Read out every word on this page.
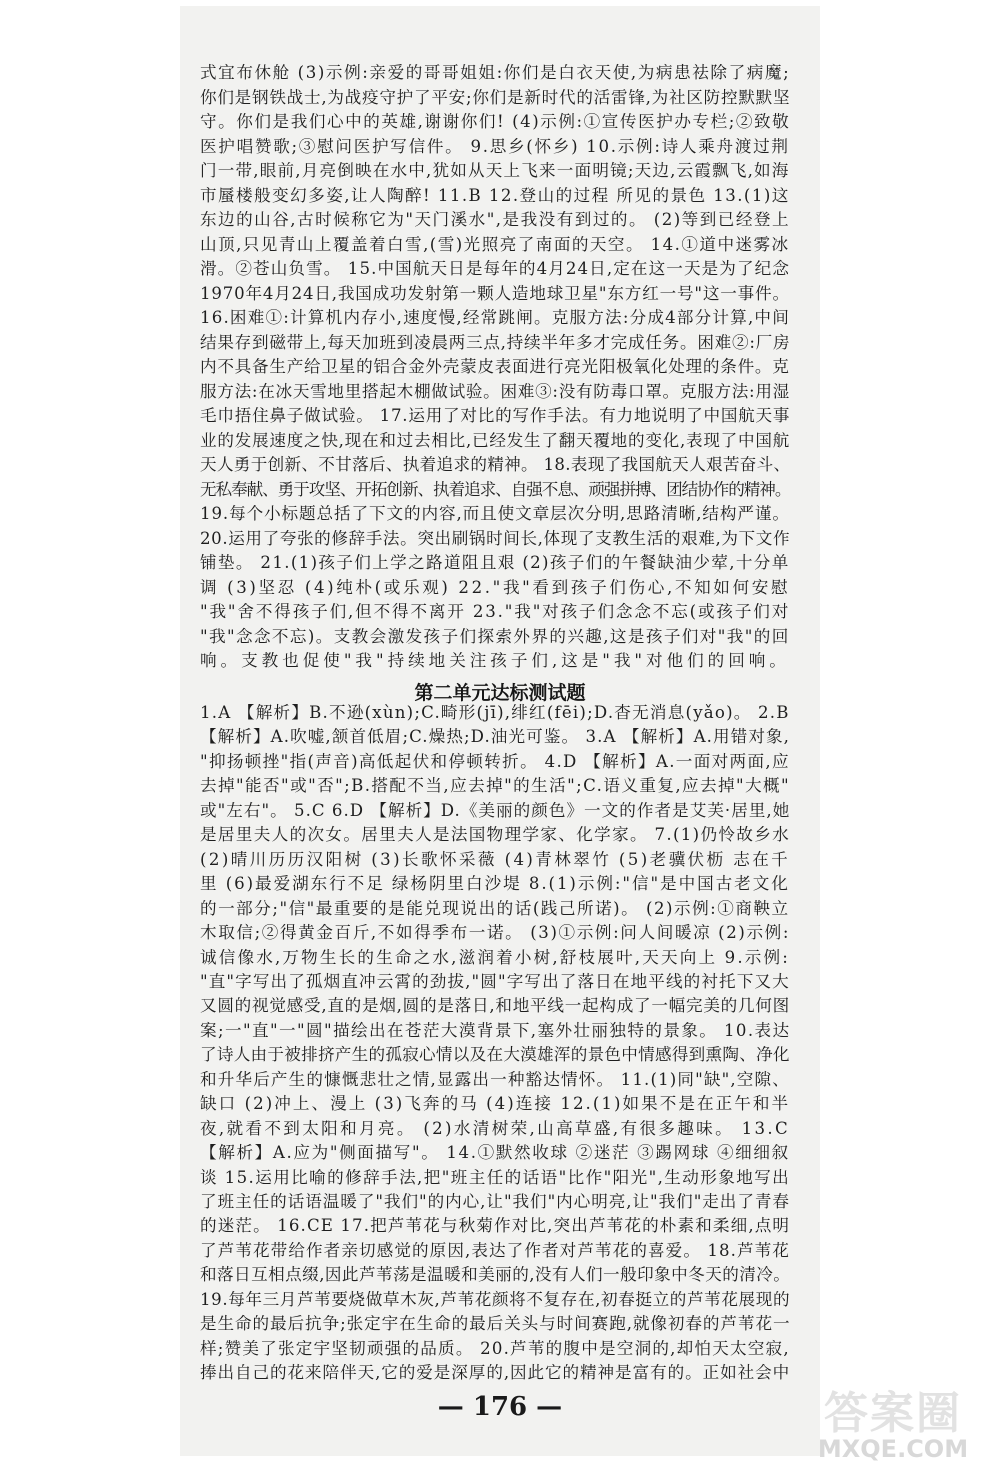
式宜布休舱 (3)示例:亲爱的哥哥姐姐:你们是白衣天使,为病患祛除了病魔;
你们是钢铁战士,为战疫守护了平安;你们是新时代的活雷锋,为社区防控默默坚
守。你们是我们心中的英雄,谢谢你们! (4)示例:①宣传医护办专栏;②致敬
医护唱赞歌;③慰问医护写信件。 9.思乡(怀乡) 10.示例:诗人乘舟渡过荆
门一带,眼前,月亮倒映在水中,犹如从天上飞来一面明镜;天边,云霞飘飞,如海
市蜃楼般变幻多姿,让人陶醉! 11.B 12.登山的过程 所见的景色 13.(1)这
东边的山谷,古时候称它为"天门溪水",是我没有到过的。 (2)等到已经登上
山顶,只见青山上覆盖着白雪,(雪)光照亮了南面的天空。 14.①道中迷雾冰
滑。②苍山负雪。 15.中国航天日是每年的4月24日,定在这一天是为了纪念
1970年4月24日,我国成功发射第一颗人造地球卫星"东方红一号"这一事件。
16.困难①:计算机内存小,速度慢,经常跳闸。克服方法:分成4部分计算,中间
结果存到磁带上,每天加班到凌晨两三点,持续半年多才完成任务。困难②:厂房
内不具备生产给卫星的铝合金外壳蒙皮表面进行亮光阳极氧化处理的条件。克
服方法:在冰天雪地里搭起木棚做试验。困难③:没有防毒口罩。克服方法:用湿
毛巾捂住鼻子做试验。 17.运用了对比的写作手法。有力地说明了中国航天事
业的发展速度之快,现在和过去相比,已经发生了翻天覆地的变化,表现了中国航
天人勇于创新、不甘落后、执着追求的精神。 18.表现了我国航天人艰苦奋斗、
无私奉献、勇于攻坚、开拓创新、执着追求、自强不息、顽强拼搏、团结协作的精神。
19.每个小标题总括了下文的内容,而且使文章层次分明,思路清晰,结构严谨。
20.运用了夸张的修辞手法。突出刷锅时间长,体现了支教生活的艰难,为下文作
铺垫。 21.(1)孩子们上学之路道阻且艰 (2)孩子们的午餐缺油少荤,十分单
调 (3)坚忍 (4)纯朴(或乐观) 22."我"看到孩子们伤心,不知如何安慰
"我"舍不得孩子们,但不得不离开 23."我"对孩子们念念不忘(或孩子们对
"我"念念不忘)。支教会激发孩子们探索外界的兴趣,这是孩子们对"我"的回
响。支教也促使"我"持续地关注孩子们,这是"我"对他们的回响。
1.A 【解析】B.不逊(xùn);C.畸形(jī),绯红(fēi);D.杳无消息(yǎo)。 2.B
【解析】A.吹嘘,颔首低眉;C.燥热;D.油光可鉴。 3.A 【解析】A.用错对象,
"抑扬顿挫"指(声音)高低起伏和停顿转折。 4.D 【解析】A.一面对两面,应
去掉"能否"或"否";B.搭配不当,应去掉"的生活";C.语义重复,应去掉"大概"
或"左右"。 5.C 6.D 【解析】D.《美丽的颜色》一文的作者是艾芙·居里,她
是居里夫人的次女。居里夫人是法国物理学家、化学家。 7.(1)仍怜故乡水
(2)晴川历历汉阳树 (3)长歌怀采薇 (4)青林翠竹 (5)老骥伏枥 志在千
里 (6)最爱湖东行不足 绿杨阴里白沙堤 8.(1)示例:"信"是中国古老文化
的一部分;"信"最重要的是能兑现说出的话(践己所诺)。 (2)示例:①商鞅立
木取信;②得黄金百斤,不如得季布一诺。 (3)①示例:问人间暖凉 (2)示例:
诚信像水,万物生长的生命之水,滋润着小树,舒枝展叶,天天向上 9.示例:
"直"字写出了孤烟直冲云霄的劲拔,"圆"字写出了落日在地平线的衬托下又大
又圆的视觉感受,直的是烟,圆的是落日,和地平线一起构成了一幅完美的几何图
案;一"直"一"圆"描绘出在苍茫大漠背景下,塞外壮丽独特的景象。 10.表达
了诗人由于被排挤产生的孤寂心情以及在大漠雄浑的景色中情感得到熏陶、净化
和升华后产生的慷慨悲壮之情,显露出一种豁达情怀。 11.(1)同"缺",空隙、
缺口 (2)冲上、漫上 (3)飞奔的马 (4)连接 12.(1)如果不是在正午和半
夜,就看不到太阳和月亮。 (2)水清树荣,山高草盛,有很多趣味。 13.C
【解析】A.应为"侧面描写"。 14.①默然收球 ②迷茫 ③踢网球 ④细细叙
谈 15.运用比喻的修辞手法,把"班主任的话语"比作"阳光",生动形象地写出
了班主任的话语温暖了"我们"的内心,让"我们"内心明亮,让"我们"走出了青春
的迷茫。 16.CE 17.把芦苇花与秋菊作对比,突出芦苇花的朴素和柔细,点明
了芦苇花带给作者亲切感觉的原因,表达了作者对芦苇花的喜爱。 18.芦苇花
和落日互相点缀,因此芦苇荡是温暖和美丽的,没有人们一般印象中冬天的清冷。
19.每年三月芦苇要烧做草木灰,芦苇花颜将不复存在,初春挺立的芦苇花展现的
是生命的最后抗争;张定宇在生命的最后关头与时间赛跑,就像初春的芦苇花一
样;赞美了张定宇坚韧顽强的品质。 20.芦苇的腹中是空洞的,却怕天太空寂,
捧出自己的花来陪伴天,它的爱是深厚的,因此它的精神是富有的。正如社会中
第二单元达标测试题
— 176 —	答案圈
MXQE.COM
